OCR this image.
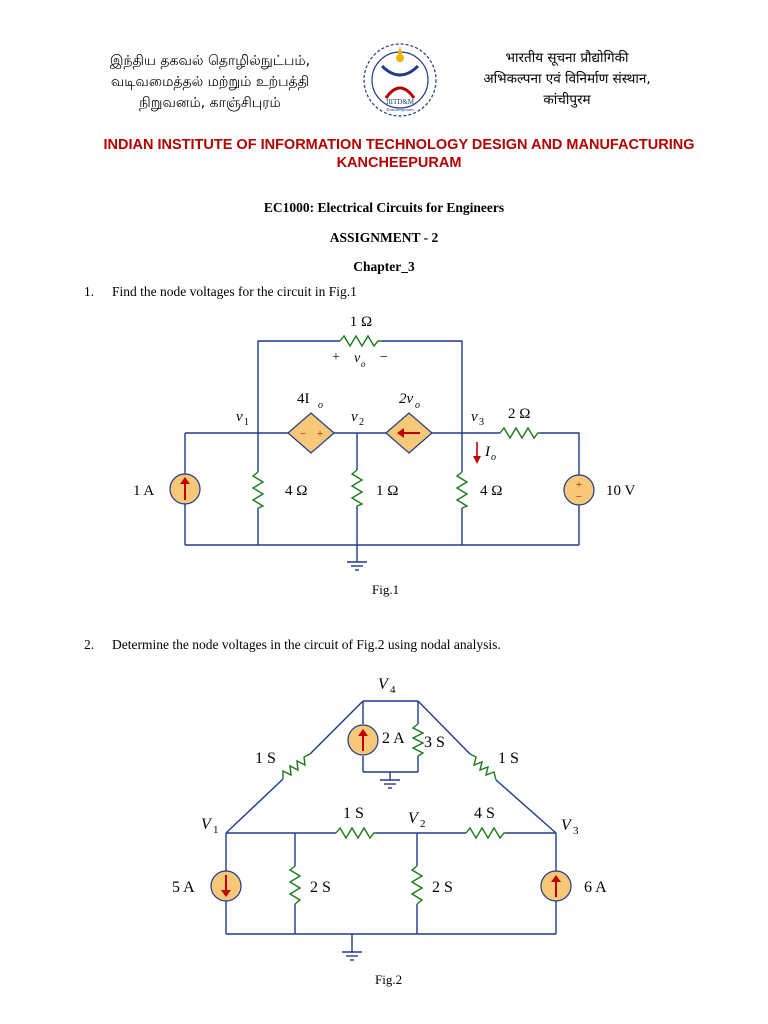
இந்திய தகவல் தொழில்நுட்பம்,
வடிவமைத்தல் மற்றும் உற்பத்தி
நிறுவனம், காஞ்சிபுரம்	IIITD&M
Kancheepuram
भारतीय सूचना प्रौद्योगिकी
अभिकल्पना एवं विनिर्माण संस्थान,
कांचीपुरम
INDIAN INSTITUTE OF INFORMATION TECHNOLOGY DESIGN AND MANUFACTURING
KANCHEEPURAM
EC1000: Electrical Circuits for Engineers
ASSIGNMENT - 2
Chapter_3
1. Find the node voltages for the circuit in Fig.1
+
−
− +
1 Ω
+ v o −
4I o	2v o
v 1	v 2	v 3
2 Ω
I o
1 A	4 Ω	1 Ω	4 Ω	10 V
Fig.1
2. Determine the node voltages in the circuit of Fig.2 using nodal analysis.
V 4
V 1
V 2	V 3
1 S
2 A 3 S
1 S
1 S	4 S
5 A	2 S	2 S	6 A
Fig.2
